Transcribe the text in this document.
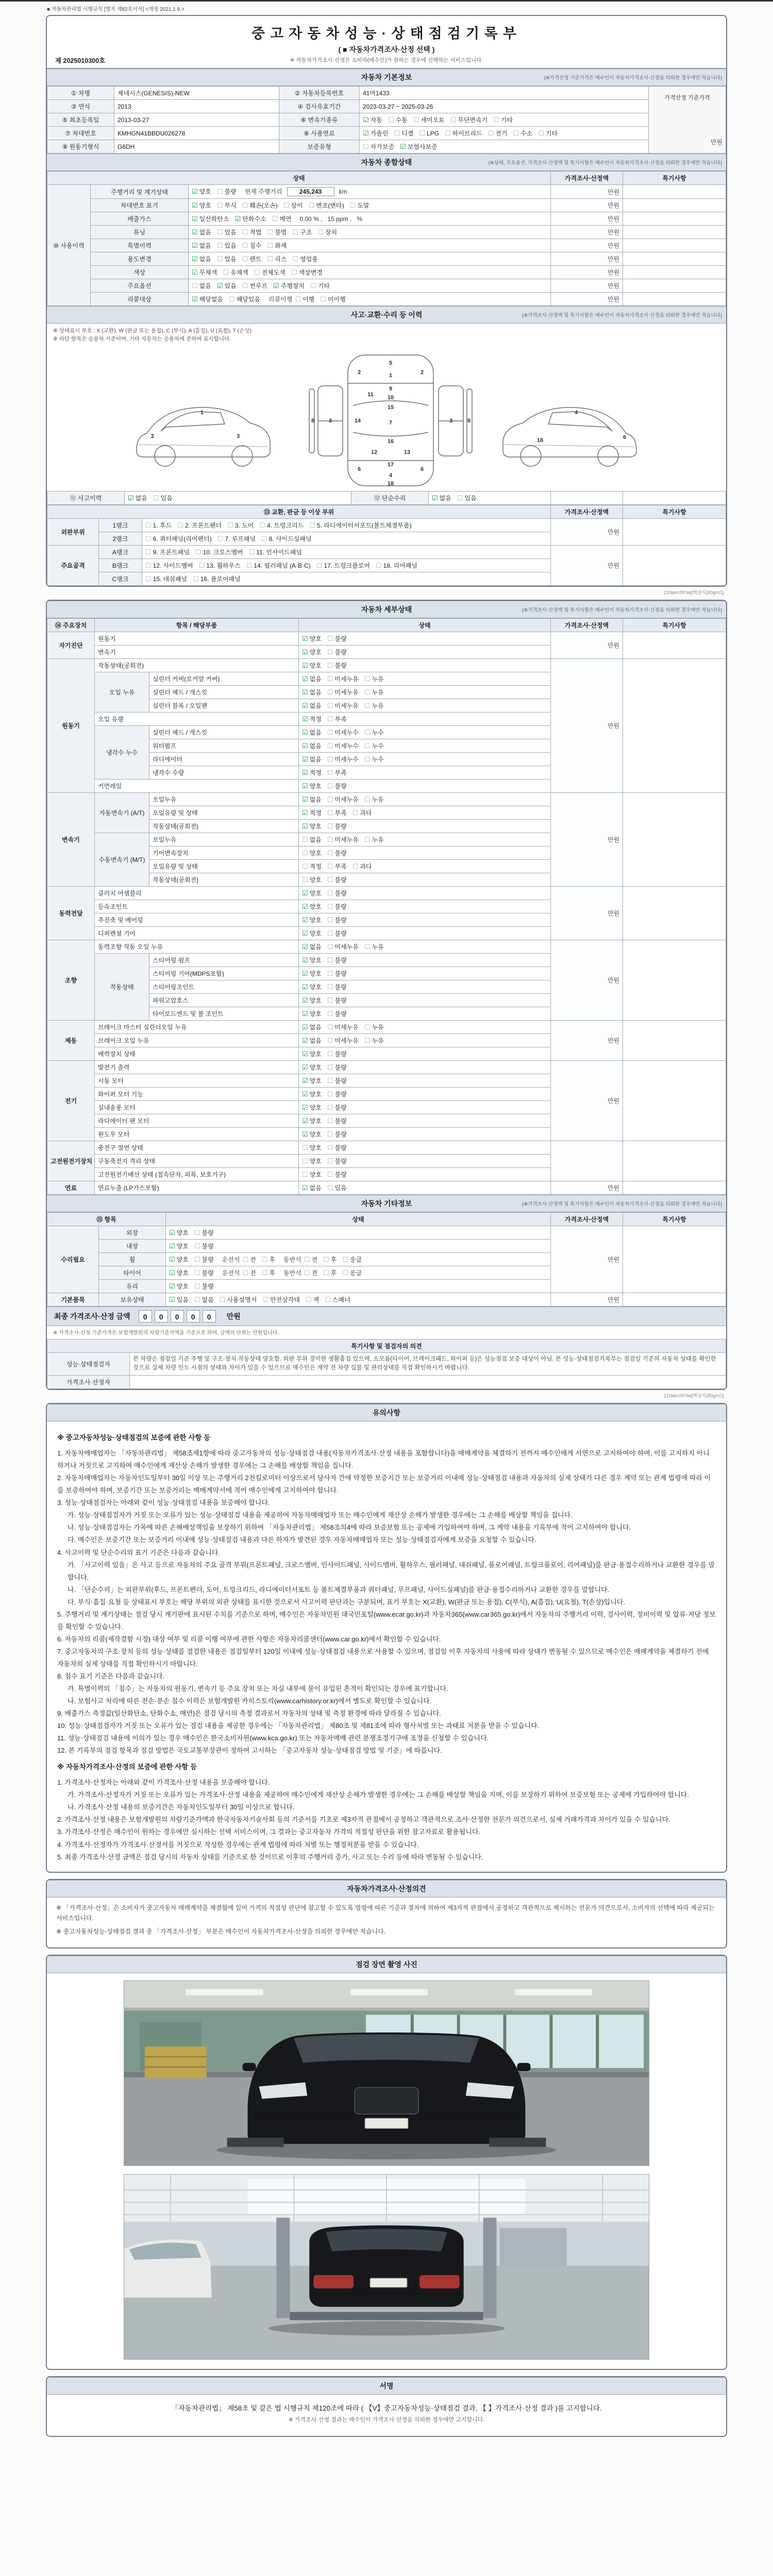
■ 자동차관리법 시행규칙 [별지 제82호서식] <개정 2021.1.9.>
중고자동차성능·상태점검기록부
( ■ 자동차가격조사·산정 선택 )
※ 자동차가격조사·산정은 소비자(매수인)가 원하는 경우에 선택하는 서비스입니다.
제 2025010300호
자동차 기본정보	(※가격산정 기준가격은 매수인이 자동차가격조사·산정을 의뢰한 경우에만 적습니다)
① 차명	제네시스(GENESIS)-NEW	② 자동차등록번호	41머1433	가격산정 기준가격
만원

③ 연식	2013	④ 검사유효기간	2023-03-27 ~ 2025-03-26	
⑤ 최초등록일	2013-03-27	⑥ 변속기종류	☑ 자동 ☐ 수동 ☐ 세미오토 ☐ 무단변속기 ☐ 기타	
⑦ 차대번호	KMHGN41BBDU026278	⑧ 사용연료	☑ 가솔린 ☐ 디젤 ☐ LPG ☐ 하이브리드 ☐ 전기 ☐ 수소 ☐ 기타	
⑨ 원동기형식	G6DH	보증유형	☐ 자가보증 ☑ 보험사보증	
자동차 종합상태	(※상태, 주요옵션, 가격조사·산정액 및 특기사항은 매수인이 자동차가격조사·산정을 의뢰한 경우에만 적습니다)
상태			가격조사·산정액	특기사항
⑩ 사용이력	주행거리 및 계기상태	☑ 양호 ☐ 불량 현재 주행거리 245,243 km	만원	
	차대번호 표기	☑ 양호 ☐ 부식 ☐ 훼손(오손) ☐ 상이 ☐ 변조(변타) ☐ 도말	만원	
	배출가스	☑ 일산화탄소 ☑ 탄화수소 ☐ 매연 0.00 % , 15 ppm , %	만원	
	튜닝	☑ 없음 ☐ 있음 ☐ 적법 ☐ 불법 ☐ 구조 ☐ 장치	만원	
	특별이력	☑ 없음 ☐ 있음 ☐ 침수 ☐ 화재	만원	
	용도변경	☑ 없음 ☐ 있음 ☐ 렌트 ☐ 리스 ☐ 영업용	만원	
	색상	☑ 무채색 ☐ 유채색 ☐ 전체도색 ☐ 색상변경	만원	
	주요옵션	☐ 없음 ☑ 있음 ☐ 썬루프 ☑ 주행장치 ☐ 기타	만원	
	리콜대상	☑ 해당없음 ☐ 해당있음 리콜이행 ☐ 이행 ☐ 미이행	만원	
사고·교환·수리 등 이력	(※가격조사·산정액 및 특기사항은 매수인이 자동차가격조사·산정을 의뢰한 경우에만 적습니다)
※ 상태표시 부호 : X (교환), W (판금 또는 용접), C (부식), A (흠집), U (요철), T (손상)
※ 하단 항목은 승용차 기준이며, 기타 자동차는 승용차에 준하여 표시합니다.
5
1
2	2
9
11 10
15
14	7
3	3
8	8
16
12	13
17
6	6
4
18
1
2	3
4
6
18
⑪ 사고이력	☑ 없음 ☐ 있음	⑫ 단순수리	☑ 없음 ☐ 있음		
⑬ 교환, 판금 등 이상 부위			가격조사·산정액	특기사항
외판부위	1랭크	☐ 1. 후드 ☐ 2. 프론트펜더 ☐ 3. 도어 ☐ 4. 트렁크리드 ☐ 5. 라디에이터서포트(볼트체결부품)	만원	
	2랭크	☐ 6. 쿼터패널(리어펜더) ☐ 7. 루프패널 ☐ 8. 사이드실패널		
주요골격	A랭크	☐ 9. 프론트패널 ☐ 10. 크로스멤버 ☐ 11. 인사이드패널	만원	
	B랭크	☐ 12. 사이드멤버 ☐ 13. 휠하우스 ☐ 14. 필러패널 (A·B·C) ☐ 17. 트렁크플로어 ☐ 18. 리어패널		
	C랭크	☐ 15. 대쉬패널 ☐ 16. 플로어패널		
210㎜×297㎜[백상지(80g/㎡)]
자동차 세부상태	(※가격조사·산정액 및 특기사항은 매수인이 자동차가격조사·산정을 의뢰한 경우에만 적습니다)
⑭ 주요장치	항목 / 해당부품		상태	가격조사·산정액	특기사항
자기진단	원동기		☑ 양호 ☐ 불량	만원	
	변속기		☑ 양호 ☐ 불량		
원동기	작동상태(공회전)		☑ 양호 ☐ 불량	만원	
	오일 누유	실린더 커버(로커암 커버)	☑ 없음 ☐ 미세누유 ☐ 누유		
		실린더 헤드 / 개스킷	☑ 없음 ☐ 미세누유 ☐ 누유		
		실린더 블록 / 오일팬	☑ 없음 ☐ 미세누유 ☐ 누유		
	오일 유량		☑ 적정 ☐ 부족		
	냉각수 누수	실린더 헤드 / 개스킷	☑ 없음 ☐ 미세누수 ☐ 누수		
		워터펌프	☑ 없음 ☐ 미세누수 ☐ 누수		
		라디에이터	☑ 없음 ☐ 미세누수 ☐ 누수		
		냉각수 수량	☑ 적정 ☐ 부족		
	커먼레일		☑ 양호 ☐ 불량		
변속기	자동변속기 (A/T)	오일누유	☑ 없음 ☐ 미세누유 ☐ 누유	만원	
		오일유량 및 상태	☑ 적정 ☐ 부족 ☐ 과다		
		작동상태(공회전)	☑ 양호 ☐ 불량		
	수동변속기 (M/T)	오일누유	☐ 없음 ☐ 미세누유 ☐ 누유		
		기어변속장치	☐ 양호 ☐ 불량		
		오일유량 및 상태	☐ 적정 ☐ 부족 ☐ 과다		
		작동상태(공회전)	☐ 양호 ☐ 불량		
동력전달	클러치 어셈블리		☑ 양호 ☐ 불량	만원	
	등속조인트		☑ 양호 ☐ 불량		
	추진축 및 베어링		☑ 양호 ☐ 불량		
	디퍼렌셜 기어		☑ 양호 ☐ 불량		
조향	동력조향 작동 오일 누유		☑ 없음 ☐ 미세누유 ☐ 누유	만원	
	작동상태	스티어링 펌프	☑ 양호 ☐ 불량		
		스티어링 기어(MDPS포함)	☑ 양호 ☐ 불량		
		스티어링조인트	☑ 양호 ☐ 불량		
		파워고압호스	☑ 양호 ☐ 불량		
		타이로드엔드 및 볼 조인트	☑ 양호 ☐ 불량		
제동	브레이크 마스터 실린더오일 누유		☑ 없음 ☐ 미세누유 ☐ 누유	만원	
	브레이크 오일 누유		☑ 없음 ☐ 미세누유 ☐ 누유		
	배력장치 상태		☑ 양호 ☐ 불량		
전기	발전기 출력		☑ 양호 ☐ 불량	만원	
	시동 모터		☑ 양호 ☐ 불량		
	와이퍼 모터 기능		☑ 양호 ☐ 불량		
	실내송풍 모터		☑ 양호 ☐ 불량		
	라디에이터 팬 모터		☑ 양호 ☐ 불량		
	윈도우 모터		☑ 양호 ☐ 불량		
고전원전기장치	충전구 절연 상태		☐ 양호 ☐ 불량		
	구동축전지 격리 상태		☐ 양호 ☐ 불량		
	고전원전기배선 상태 (접속단자, 피복, 보호기구)		☐ 양호 ☐ 불량		
연료	연료누출 (LP가스포함)		☑ 없음 ☐ 있음	만원	
자동차 기타정보	(※가격조사·산정액 및 특기사항은 매수인이 자동차가격조사·산정을 의뢰한 경우에만 적습니다)
⑮ 항목		상태	가격조사·산정액	특기사항
수리필요	외장	☑ 양호 ☐ 불량	만원	
	내장	☑ 양호 ☐ 불량		
	휠	☑ 양호 ☐ 불량 운전석 ☐ 전 ☐ 후 동반석 ☐ 전 ☐ 후 ☐ 응급		
	타이어	☑ 양호 ☐ 불량 운전석 ☐ 전 ☐ 후 동반석 ☐ 전 ☐ 후 ☐ 응급		
	유리	☑ 양호 ☐ 불량		
기본품목	보유상태	☑ 있음 ☐ 없음 ☐ 사용설명서 ☐ 안전삼각대 ☐ 잭 ☐ 스패너	만원	
최종 가격조사·산정 금액	0 0 0 0 0	만원
※ 가격조사·산정 기준가격은 보험개발원의 차량기준가액을 기준으로 하며, 금액의 단위는 만원입니다.
특기사항 및 점검자의 의견	
성능·상태점검자	본 차량은 점검일 기준 주행 및 구조·장치 작동상태 양호함. 외판 부위 경미한 생활흠집 있으며, 소모품(타이어, 브레이크패드, 와이퍼 등)은 성능점검 보증 대상이 아님. 본 성능·상태점검기록부는 점검일 기준의 자동차 상태를 확인한 것으로 실제 차량 인도 시점의 상태와 차이가 있을 수 있으므로 매수인은 계약 전 차량 실물 및 관리상태를 직접 확인하시기 바랍니다.
가격조사·산정자	
210㎜×297㎜[백상지(80g/㎡)]
유의사항
※ 중고자동차성능·상태점검의 보증에 관한 사항 등
1. 자동차매매업자는 「자동차관리법」 제58조제1항에 따라 중고자동차의 성능·상태점검 내용(자동차가격조사·산정 내용을 포함합니다)을 매매계약을 체결하기 전까지 매수인에게 서면으로 고지하여야 하며, 이를 고지하지 아니하거나 거짓으로 고지하여 매수인에게 재산상 손해가 발생한 경우에는 그 손해를 배상할 책임을 집니다.
2. 자동차매매업자는 자동차인도일부터 30일 이상 또는 주행거리 2천킬로미터 이상으로서 당사자 간에 약정한 보증기간 또는 보증거리 이내에 성능·상태점검 내용과 자동차의 실제 상태가 다른 경우 계약 또는 관계 법령에 따라 이를 보증하여야 하며, 보증기간 또는 보증거리는 매매계약서에 적어 매수인에게 고지하여야 합니다.
3. 성능·상태점검자는 아래와 같이 성능·상태점검 내용을 보증해야 합니다.
가. 성능·상태점검자가 거짓 또는 오류가 있는 성능·상태점검 내용을 제공하여 자동차매매업자 또는 매수인에게 재산상 손해가 발생한 경우에는 그 손해를 배상할 책임을 집니다.
나. 성능·상태점검자는 가목에 따른 손해배상책임을 보장하기 위하여 「자동차관리법」 제58조의4에 따라 보증보험 또는 공제에 가입하여야 하며, 그 계약 내용을 기록부에 적어 고지하여야 합니다.
다. 매수인은 보증기간 또는 보증거리 이내에 성능·상태점검 내용과 다른 하자가 발견된 경우 자동차매매업자 또는 성능·상태점검자에게 보증을 요청할 수 있습니다.
4. 사고이력 및 단순수리의 표기 기준은 다음과 같습니다.
가. 「사고이력 있음」은 사고 등으로 자동차의 주요 골격 부위(프론트패널, 크로스멤버, 인사이드패널, 사이드멤버, 휠하우스, 필러패널, 대쉬패널, 플로어패널, 트렁크플로어, 리어패널)를 판금·용접수리하거나 교환한 경우를 말합니다.
나. 「단순수리」는 외판부위(후드, 프론트펜더, 도어, 트렁크리드, 라디에이터서포트 등 볼트체결부품과 쿼터패널, 루프패널, 사이드실패널)를 판금·용접수리하거나 교환한 경우를 말합니다.
다. 부식·흠집·요철 등 상태표시 부호는 해당 부위의 외관 상태를 표시한 것으로서 사고이력 판단과는 구분되며, 표기 부호는 X(교환), W(판금 또는 용접), C(부식), A(흠집), U(요철), T(손상)입니다.
5. 주행거리 및 계기상태는 점검 당시 계기판에 표시된 수치를 기준으로 하며, 매수인은 자동차민원 대국민포털(www.ecar.go.kr)과 자동차365(www.car365.go.kr)에서 자동차의 주행거리 이력, 검사이력, 정비이력 및 압류·저당 정보를 확인할 수 있습니다.
6. 자동차의 리콜(제작결함 시정) 대상 여부 및 리콜 이행 여부에 관한 사항은 자동차리콜센터(www.car.go.kr)에서 확인할 수 있습니다.
7. 중고자동차의 구조·장치 등의 성능·상태를 점검한 내용은 점검일부터 120일 이내에 성능·상태점검 내용으로 사용할 수 있으며, 점검일 이후 자동차의 사용에 따라 상태가 변동될 수 있으므로 매수인은 매매계약을 체결하기 전에 자동차의 실제 상태를 직접 확인하시기 바랍니다.
8. 침수 표기 기준은 다음과 같습니다.
가. 특별이력의 「침수」는 자동차의 원동기, 변속기 등 주요 장치 또는 차실 내부에 물이 유입된 흔적이 확인되는 경우에 표기합니다.
나. 보험사고 처리에 따른 전손·분손 침수 이력은 보험개발원 카히스토리(www.carhistory.or.kr)에서 별도로 확인할 수 있습니다.
9. 배출가스 측정값(일산화탄소, 탄화수소, 매연)은 점검 당시의 측정 결과로서 자동차의 상태 및 측정 환경에 따라 달라질 수 있습니다.
10. 성능·상태점검자가 거짓 또는 오류가 있는 점검 내용을 제공한 경우에는 「자동차관리법」 제80조 및 제81조에 따라 형사처벌 또는 과태료 처분을 받을 수 있습니다.
11. 성능·상태점검 내용에 이의가 있는 경우 매수인은 한국소비자원(www.kca.go.kr) 또는 자동차매매 관련 분쟁조정기구에 조정을 신청할 수 있습니다.
12. 본 기록부의 점검 항목과 점검 방법은 국토교통부장관이 정하여 고시하는 「중고자동차 성능·상태점검 방법 및 기준」에 따릅니다.
※ 자동차가격조사·산정의 보증에 관한 사항 등
1. 가격조사·산정자는 아래와 같이 가격조사·산정 내용을 보증해야 합니다.
가. 가격조사·산정자가 거짓 또는 오류가 있는 가격조사·산정 내용을 제공하여 매수인에게 재산상 손해가 발생한 경우에는 그 손해를 배상할 책임을 지며, 이를 보장하기 위하여 보증보험 또는 공제에 가입하여야 합니다.
나. 가격조사·산정 내용의 보증기간은 자동차인도일부터 30일 이상으로 합니다.
2. 가격조사·산정 내용은 보험개발원의 차량기준가액과 한국자동차기술사회 등의 기준서를 기초로 제3자적 관점에서 공정하고 객관적으로 조사·산정한 전문가 의견으로서, 실제 거래가격과 차이가 있을 수 있습니다.
3. 가격조사·산정은 매수인이 원하는 경우에만 실시하는 선택 서비스이며, 그 결과는 중고자동차 가격의 적절성 판단을 위한 참고자료로 활용됩니다.
4. 가격조사·산정자가 가격조사·산정서를 거짓으로 작성한 경우에는 관계 법령에 따라 처벌 또는 행정처분을 받을 수 있습니다.
5. 최종 가격조사·산정 금액은 점검 당시의 자동차 상태를 기준으로 한 것이므로 이후의 주행거리 증가, 사고 또는 수리 등에 따라 변동될 수 있습니다.
자동차가격조사·산정의견
※ 「가격조사·산정」은 소비자가 중고자동차 매매계약을 체결함에 있어 가격의 적절성 판단에 참고할 수 있도록 법령에 따른 기준과 절차에 의하여 제3자적 관점에서 공정하고 객관적으로 제시하는 전문가 의견으로서, 소비자의 선택에 따라 제공되는 서비스입니다.
※ 중고자동차성능·상태점검 결과 중 「가격조사·산정」 부분은 매수인이 자동차가격조사·산정을 의뢰한 경우에만 적습니다.
점검 장면 촬영 사진
서명
「자동차관리법」 제58조 및 같은 법 시행규칙 제120조에 따라 ( 【V】중고자동차성능·상태점검 결과, 【 】가격조사·산정 결과 )를 고지합니다.
※ 가격조사·산정 결과는 매수인이 가격조사·산정을 의뢰한 경우에만 고지합니다.
